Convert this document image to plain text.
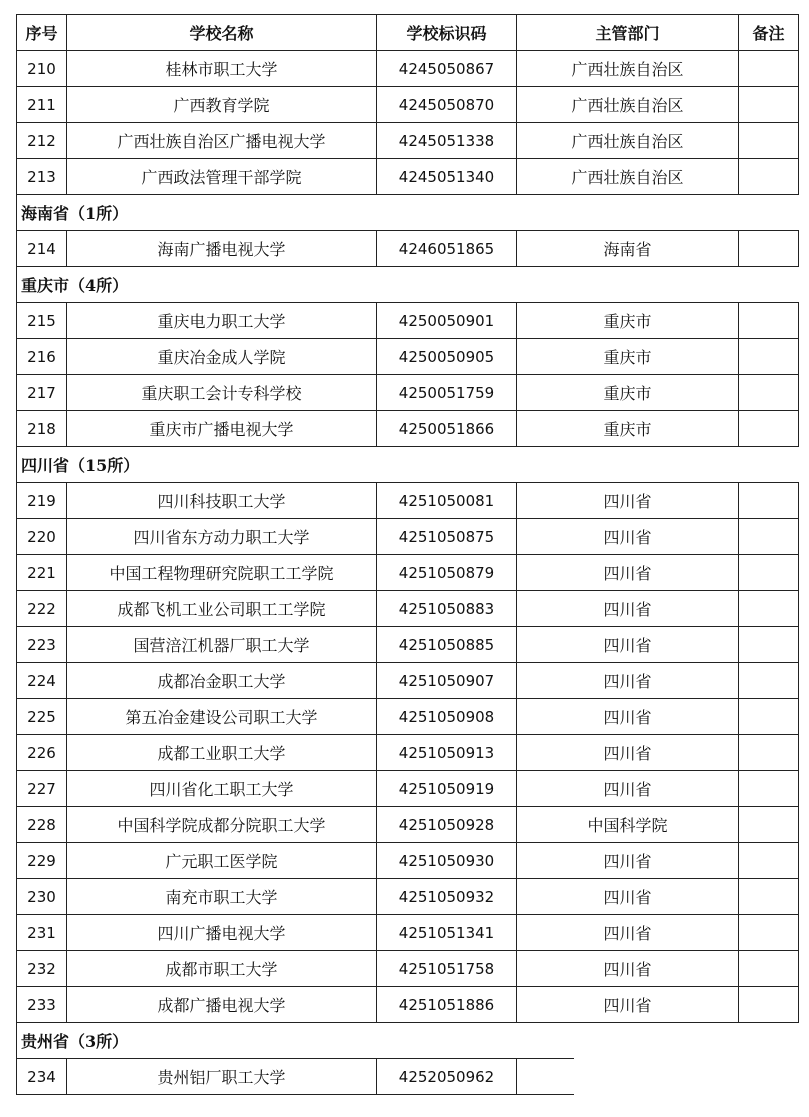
序号	学校名称	学校标识码	主管部门	备注
210	桂林市职工大学	4245050867	广西壮族自治区	
211	广西教育学院	4245050870	广西壮族自治区	
212	广西壮族自治区广播电视大学	4245051338	广西壮族自治区	
213	广西政法管理干部学院	4245051340	广西壮族自治区	
海南省（1所）				
214	海南广播电视大学	4246051865	海南省	
重庆市（4所）				
215	重庆电力职工大学	4250050901	重庆市	
216	重庆冶金成人学院	4250050905	重庆市	
217	重庆职工会计专科学校	4250051759	重庆市	
218	重庆市广播电视大学	4250051866	重庆市	
四川省（15所）				
219	四川科技职工大学	4251050081	四川省	
220	四川省东方动力职工大学	4251050875	四川省	
221	中国工程物理研究院职工工学院	4251050879	四川省	
222	成都飞机工业公司职工工学院	4251050883	四川省	
223	国营涪江机器厂职工大学	4251050885	四川省	
224	成都冶金职工大学	4251050907	四川省	
225	第五冶金建设公司职工大学	4251050908	四川省	
226	成都工业职工大学	4251050913	四川省	
227	四川省化工职工大学	4251050919	四川省	
228	中国科学院成都分院职工大学	4251050928	中国科学院	
229	广元职工医学院	4251050930	四川省	
230	南充市职工大学	4251050932	四川省	
231	四川广播电视大学	4251051341	四川省	
232	成都市职工大学	4251051758	四川省	
233	成都广播电视大学	4251051886	四川省	
贵州省（3所）				
234	贵州铝厂职工大学	4252050962		
